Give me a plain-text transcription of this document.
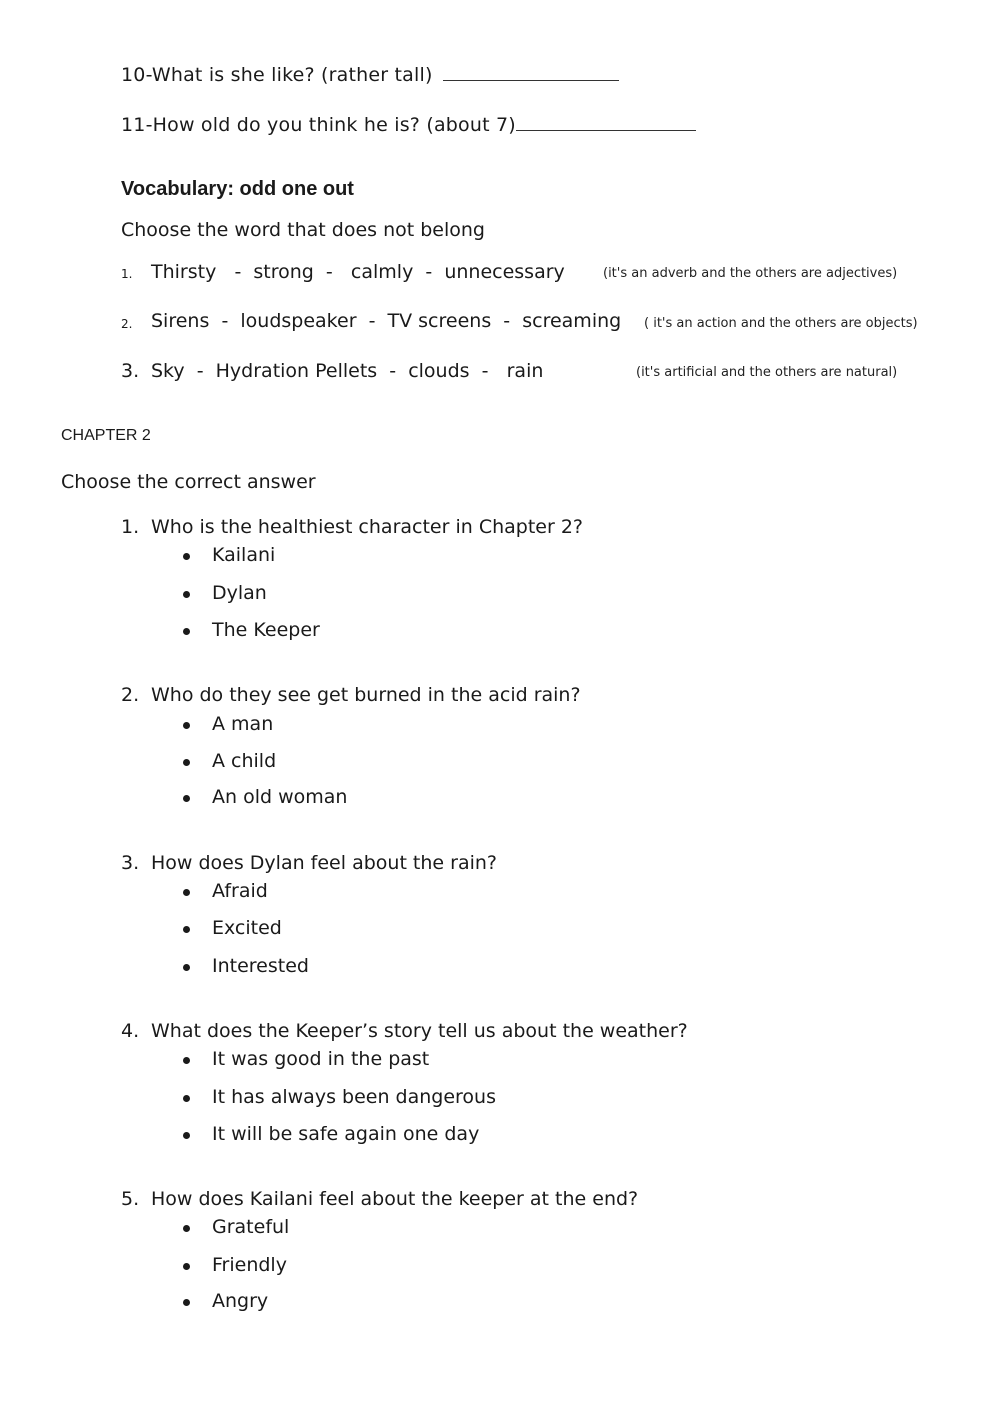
10-What is she like? (rather tall)
11-How old do you think he is? (about 7)
Vocabulary: odd one out
Choose the word that does not belong
1. Thirsty   -  strong  -   calmly  -  unnecessary	(it's an adverb and the others are adjectives)
2. Sirens  -  loudspeaker  -  TV screens  -  screaming ( it's an action and the others are objects)
3. Sky  -  Hydration Pellets  -  clouds  -   rain	(it's artificial and the others are natural)
CHAPTER 2
Choose the correct answer
1. Who is the healthiest character in Chapter 2?
Kailani
Dylan
The Keeper
2. Who do they see get burned in the acid rain?
A man
A child
An old woman
3. How does Dylan feel about the rain?
Afraid
Excited
Interested
4. What does the Keeper’s story tell us about the weather?
It was good in the past
It has always been dangerous
It will be safe again one day
5. How does Kailani feel about the keeper at the end?
Grateful
Friendly
Angry
